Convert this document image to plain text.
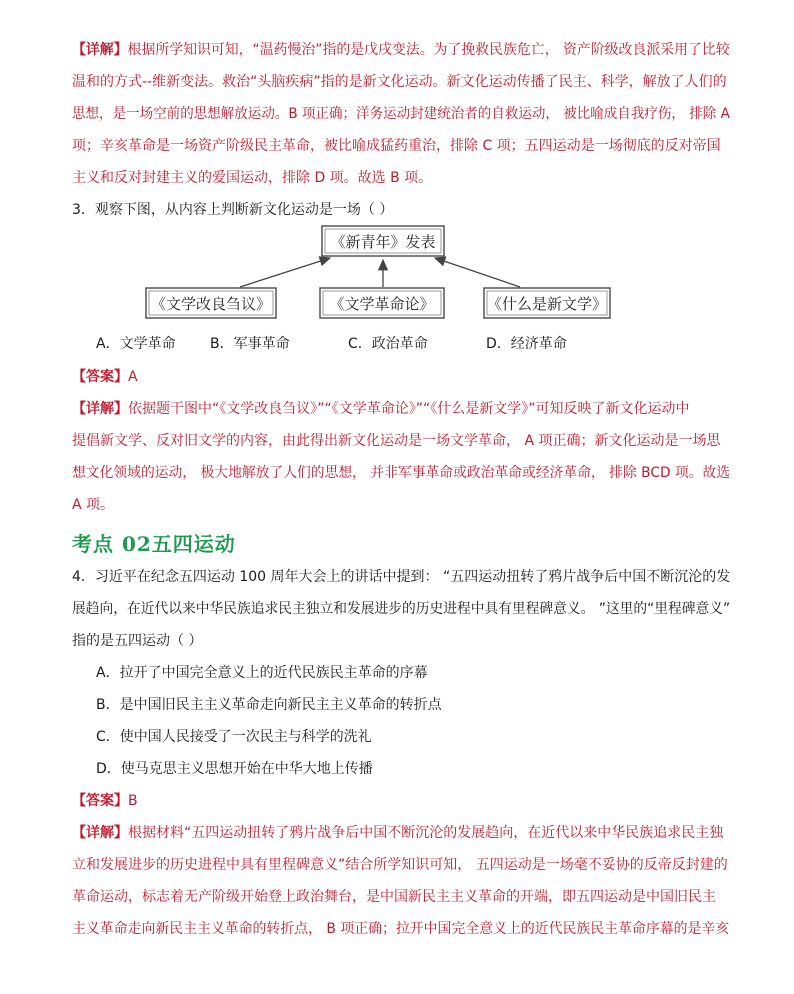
【详解】根据所学知识可知，“温药慢治”指的是戊戌变法。为了挽救民族危亡， 资产阶级改良派采用了比较
温和的方式--维新变法。救治“头脑疾病”指的是新文化运动。新文化运动传播了民主、科学，解放了人们的
思想，是一场空前的思想解放运动。B 项正确；洋务运动封建统治者的自救运动， 被比喻成自我疗伤， 排除 A
项；辛亥革命是一场资产阶级民主革命，被比喻成猛药重治，排除 C 项；五四运动是一场彻底的反对帝国
主义和反对封建主义的爱国运动，排除 D 项。故选 B 项。
3．观察下图，从内容上判断新文化运动是一场（ ）
《新青年》发表
《文学改良刍议》	《文学革命论》	《什么是新文学》
A．文学革命 B．军事革命	C．政治革命	D．经济革命
【答案】A
【详解】依据题干图中“《文学改良刍议》”“《文学革命论》”“《什么是新文学》”可知反映了新文化运动中
提倡新文学、反对旧文学的内容，由此得出新文化运动是一场文学革命， A 项正确；新文化运动是一场思
想文化领域的运动， 极大地解放了人们的思想， 并非军事革命或政治革命或经济革命， 排除 BCD 项。故选
A 项。
考点 02五四运动
4．习近平在纪念五四运动 100 周年大会上的讲话中提到： “五四运动扭转了鸦片战争后中国不断沉沦的发
展趋向，在近代以来中华民族追求民主独立和发展进步的历史进程中具有里程碑意义。 ”这里的“里程碑意义”
指的是五四运动（ ）
A．拉开了中国完全意义上的近代民族民主革命的序幕
B．是中国旧民主主义革命走向新民主主义革命的转折点
C．使中国人民接受了一次民主与科学的洗礼
D．使马克思主义思想开始在中华大地上传播
【答案】B
【详解】根据材料“五四运动扭转了鸦片战争后中国不断沉沦的发展趋向，在近代以来中华民族追求民主独
立和发展进步的历史进程中具有里程碑意义”结合所学知识可知， 五四运动是一场毫不妥协的反帝反封建的
革命运动，标志着无产阶级开始登上政治舞台，是中国新民主主义革命的开端，即五四运动是中国旧民主
主义革命走向新民主主义革命的转折点， B 项正确；拉开中国完全意义上的近代民族民主革命序幕的是辛亥
